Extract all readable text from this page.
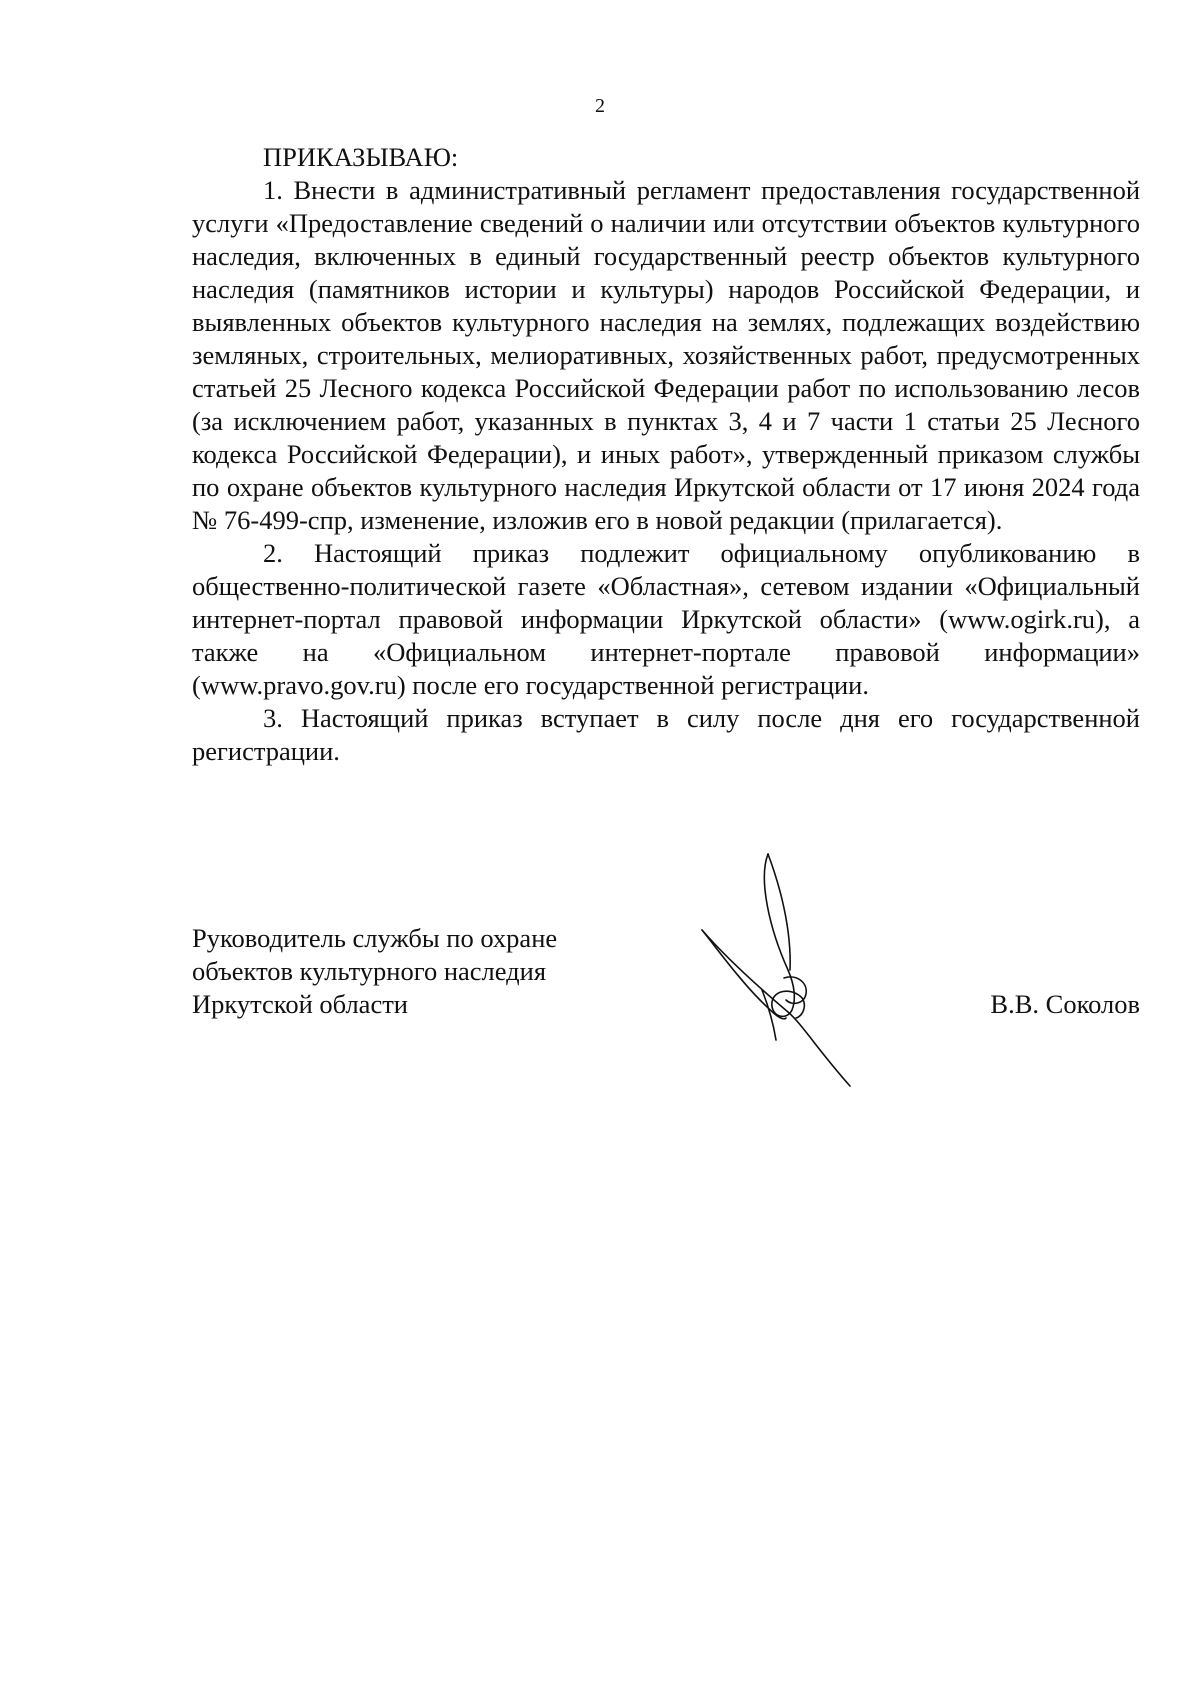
2

ПРИКАЗЫВАЮ:

1. Внести в административный регламент предоставления государственной услуги «Предоставление сведений о наличии или отсутствии объектов культурного наследия, включенных в единый государственный реестр объектов культурного наследия (памятников истории и культуры) народов Российской Федерации, и выявленных объектов культурного наследия на землях, подлежащих воздействию земляных, строительных, мелиоративных, хозяйственных работ, предусмотренных статьей 25 Лесного кодекса Российской Федерации работ по использованию лесов (за исключением работ, указанных в пунктах 3, 4 и 7 части 1 статьи 25 Лесного кодекса Российской Федерации), и иных работ», утвержденный приказом службы по охране объектов культурного наследия Иркутской области от 17 июня 2024 года № 76-499-спр, изменение, изложив его в новой редакции (прилагается).

2. Настоящий приказ подлежит официальному опубликованию в общественно-политической газете «Областная», сетевом издании «Официальный интернет-портал правовой информации Иркутской области» (www.ogirk.ru), а также на «Официальном интернет-портале правовой информации» (www.pravo.gov.ru) после его государственной регистрации.

3. Настоящий приказ вступает в силу после дня его государственной регистрации.

Руководитель службы по охране
объектов культурного наследия
Иркутской области	В.В. Соколов
